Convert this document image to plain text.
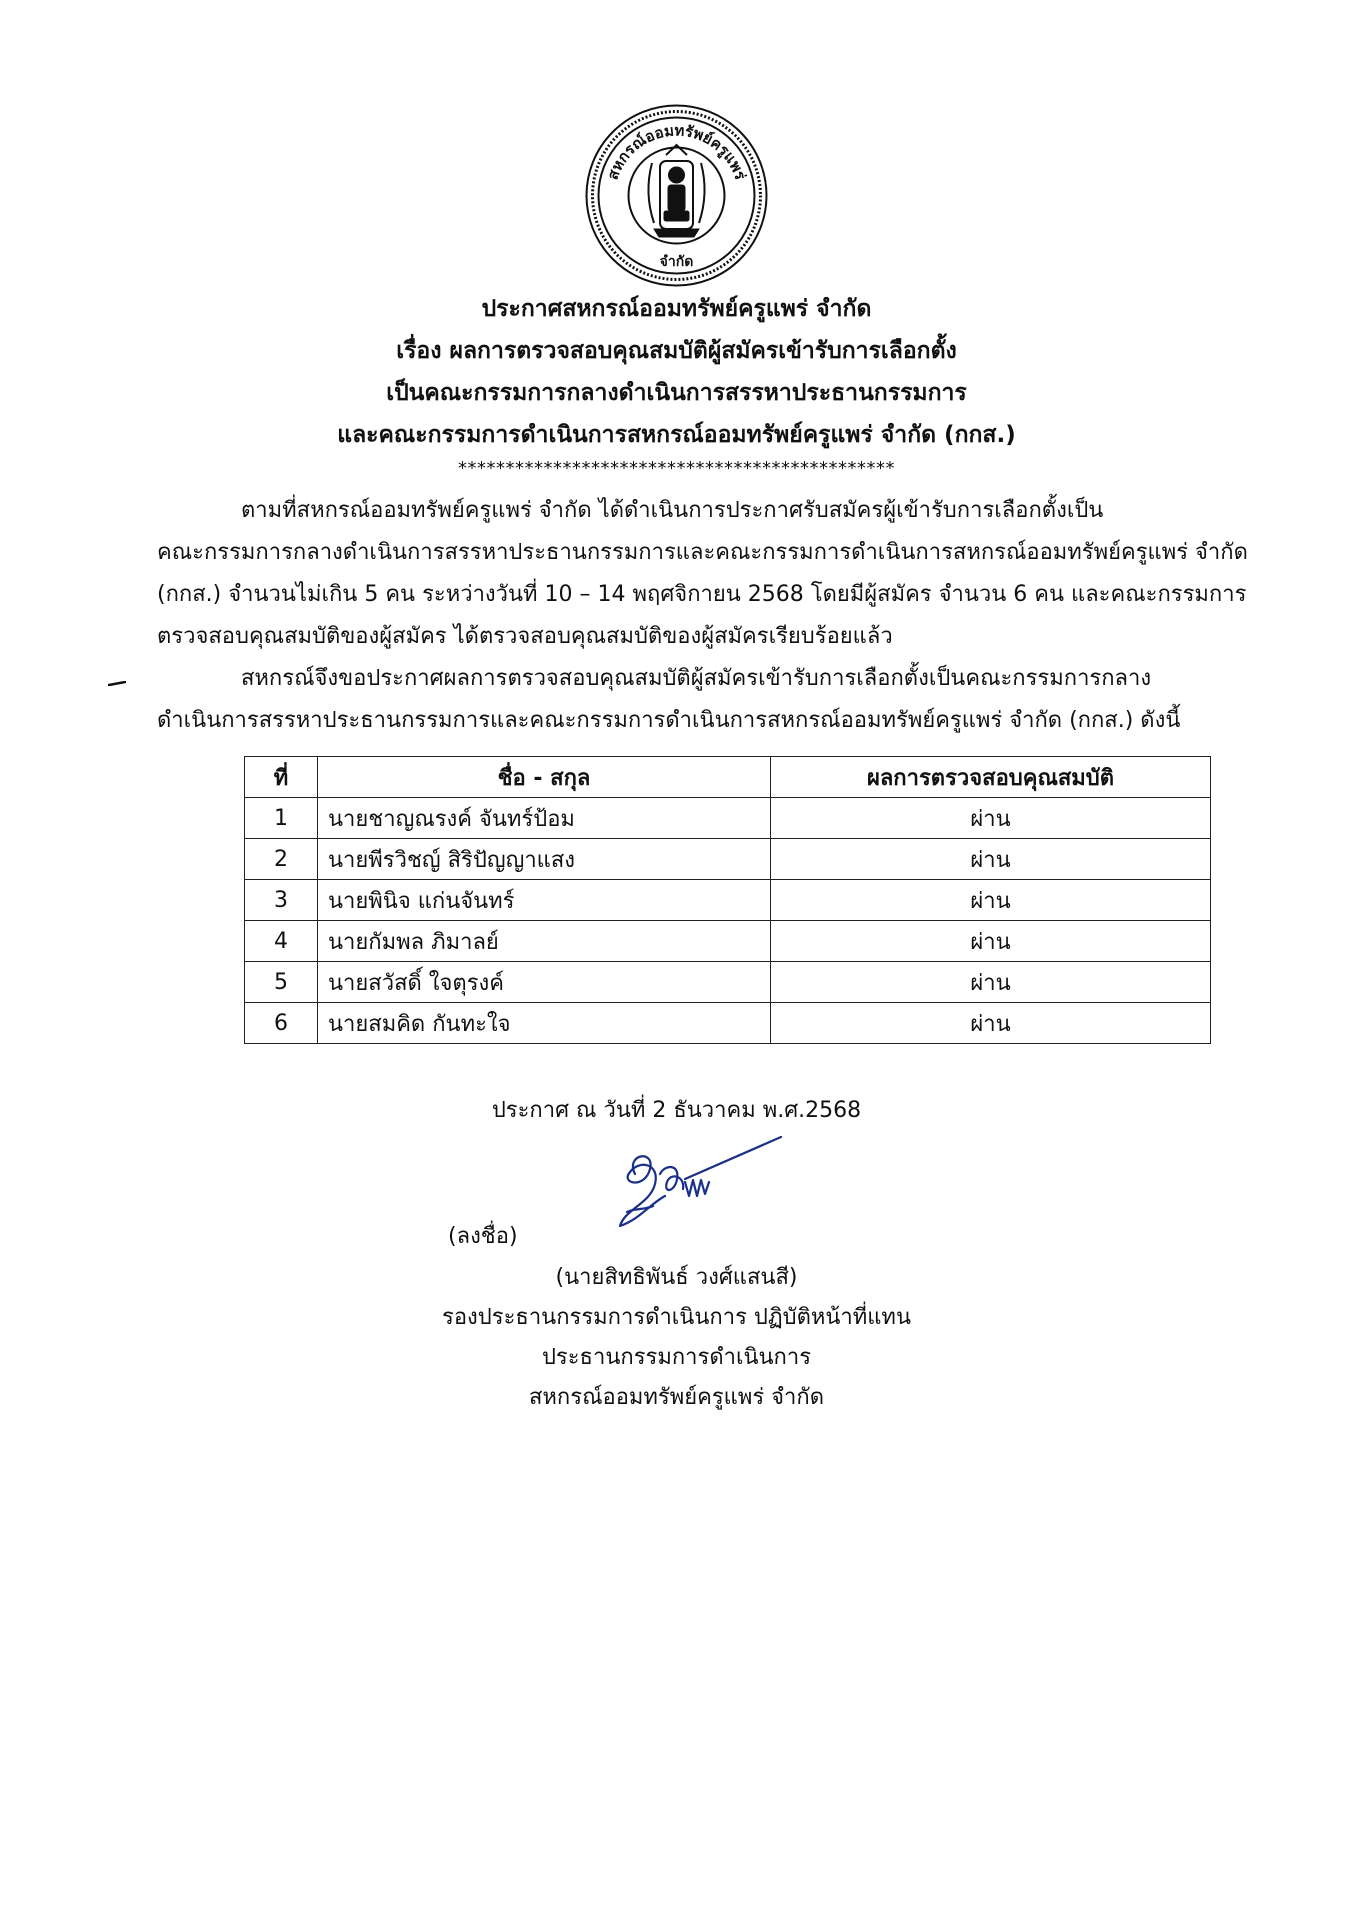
สหกรณ์ออมทรัพย์ครูแพร่
จำกัด
ประกาศสหกรณ์ออมทรัพย์ครูแพร่ จำกัด
เรื่อง ผลการตรวจสอบคุณสมบัติผู้สมัครเข้ารับการเลือกตั้ง
เป็นคณะกรรมการกลางดำเนินการสรรหาประธานกรรมการ
และคณะกรรมการดำเนินการสหกรณ์ออมทรัพย์ครูแพร่ จำกัด (กกส.)
**********************************************
ตามที่สหกรณ์ออมทรัพย์ครูแพร่ จำกัด ได้ดำเนินการประกาศรับสมัครผู้เข้ารับการเลือกตั้งเป็น
คณะกรรมการกลางดำเนินการสรรหาประธานกรรมการและคณะกรรมการดำเนินการสหกรณ์ออมทรัพย์ครูแพร่ จำกัด
(กกส.) จำนวนไม่เกิน 5 คน ระหว่างวันที่ 10 – 14 พฤศจิกายน 2568 โดยมีผู้สมัคร จำนวน 6 คน และคณะกรรมการ
ตรวจสอบคุณสมบัติของผู้สมัคร ได้ตรวจสอบคุณสมบัติของผู้สมัครเรียบร้อยแล้ว
สหกรณ์จึงขอประกาศผลการตรวจสอบคุณสมบัติผู้สมัครเข้ารับการเลือกตั้งเป็นคณะกรรมการกลาง
ดำเนินการสรรหาประธานกรรมการและคณะกรรมการดำเนินการสหกรณ์ออมทรัพย์ครูแพร่ จำกัด (กกส.) ดังนี้
ที่	ชื่อ - สกุล	ผลการตรวจสอบคุณสมบัติ
1	นายชาญณรงค์ จันทร์ป้อม	ผ่าน
2	นายพีรวิชญ์ สิริปัญญาแสง	ผ่าน
3	นายพินิจ แก่นจันทร์	ผ่าน
4	นายกัมพล ภิมาลย์	ผ่าน
5	นายสวัสดิ์ ใจตุรงค์	ผ่าน
6	นายสมคิด กันทะใจ	ผ่าน
ประกาศ ณ วันที่ 2 ธันวาคม พ.ศ.2568
(ลงชื่อ)
(นายสิทธิพันธ์ วงศ์แสนสี)
รองประธานกรรมการดำเนินการ ปฏิบัติหน้าที่แทน
ประธานกรรมการดำเนินการ
สหกรณ์ออมทรัพย์ครูแพร่ จำกัด
